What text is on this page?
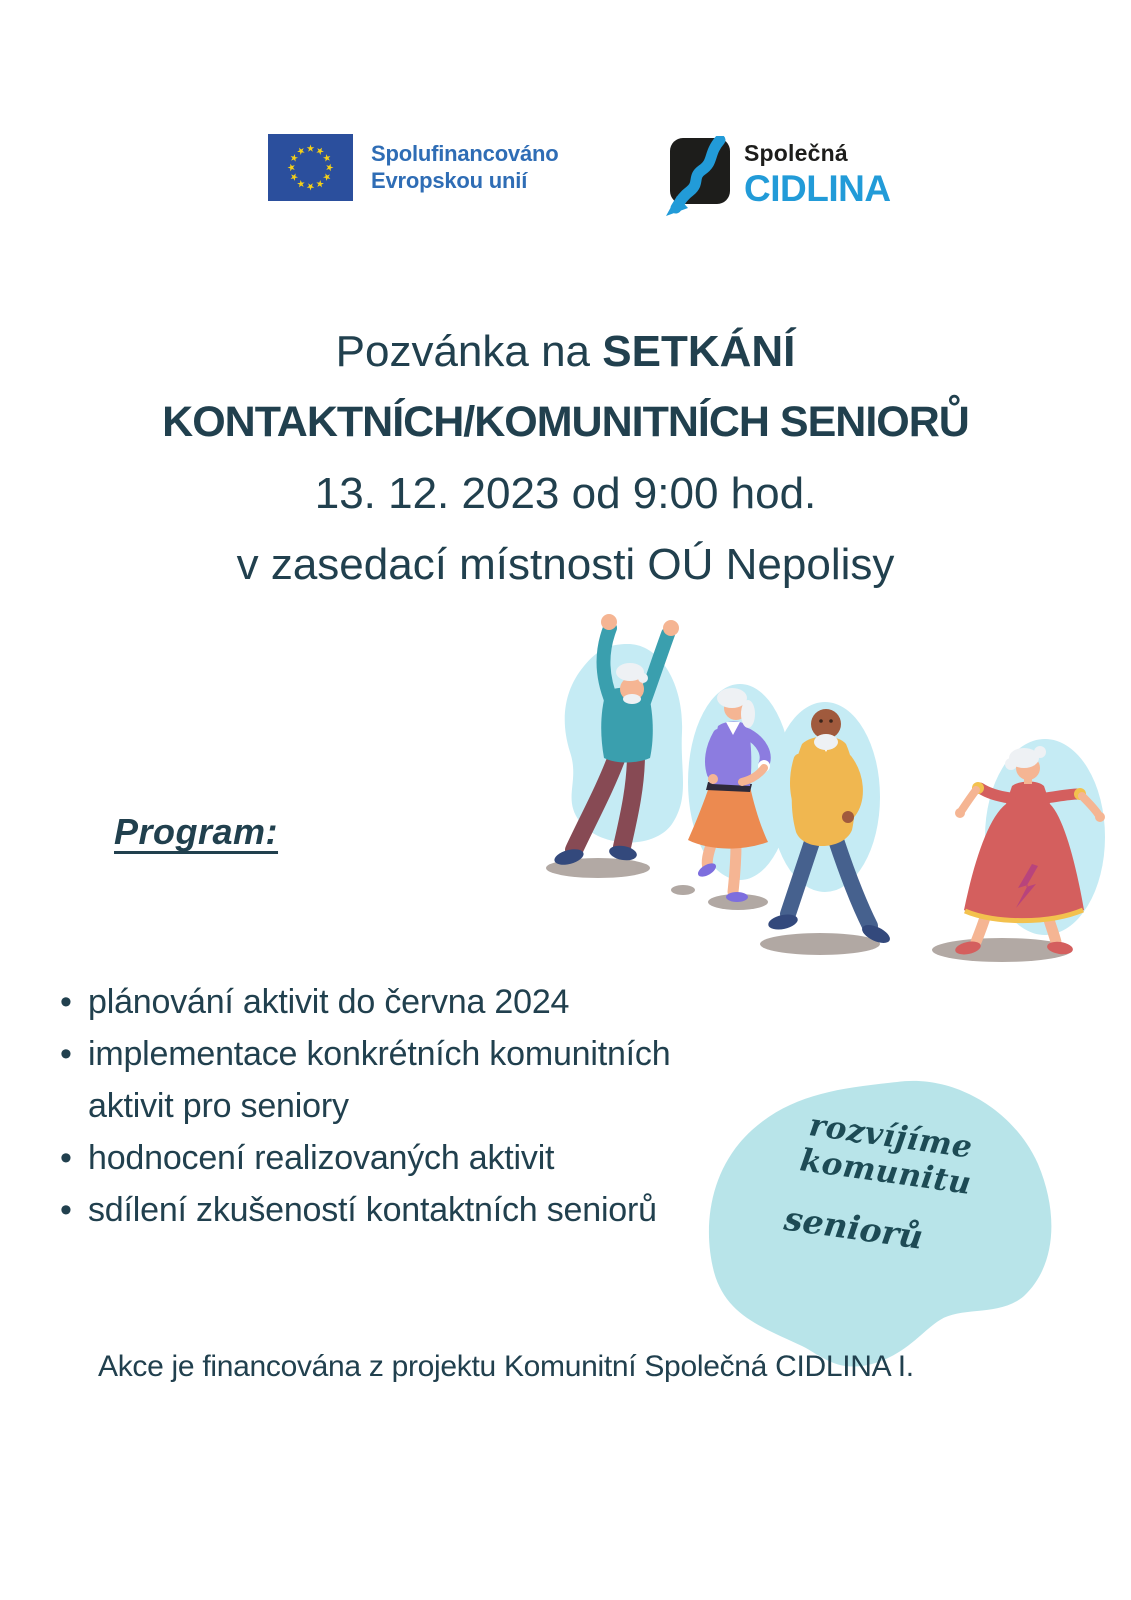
Spolufinancováno
Evropskou unií
Společná
CIDLINA
Pozvánka na SETKÁNÍ
KONTAKTNÍCH/KOMUNITNÍCH SENIORŮ
13. 12. 2023 od 9:00 hod.
v zasedací místnosti OÚ Nepolisy
Program:
• plánování aktivit do června 2024
• implementace konkrétních komunitních aktivit pro seniory
• hodnocení realizovaných aktivit
• sdílení zkušeností kontaktních seniorů
rozvíjíme komunitu
seniorů

Akce je financována z projektu Komunitní Společná CIDLINA I.
